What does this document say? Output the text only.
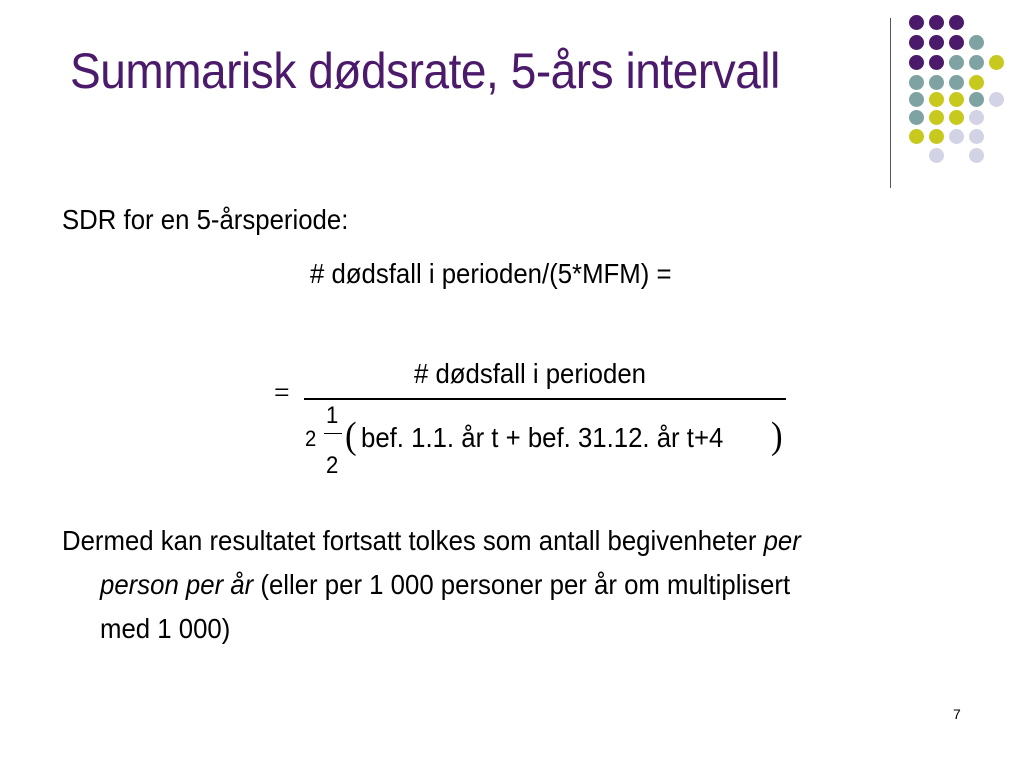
Summarisk dødsrate, 5-års intervall
SDR for en 5-årsperiode:
# dødsfall i perioden/(5*MFM) =
=
# dødsfall i perioden
2
1
2
( bef. 1.1. år t + bef. 31.12. år t+4 )
Dermed kan resultatet fortsatt tolkes som antall begivenheter per
person per år (eller per 1 000 personer per år om multiplisert
med 1 000)
7
